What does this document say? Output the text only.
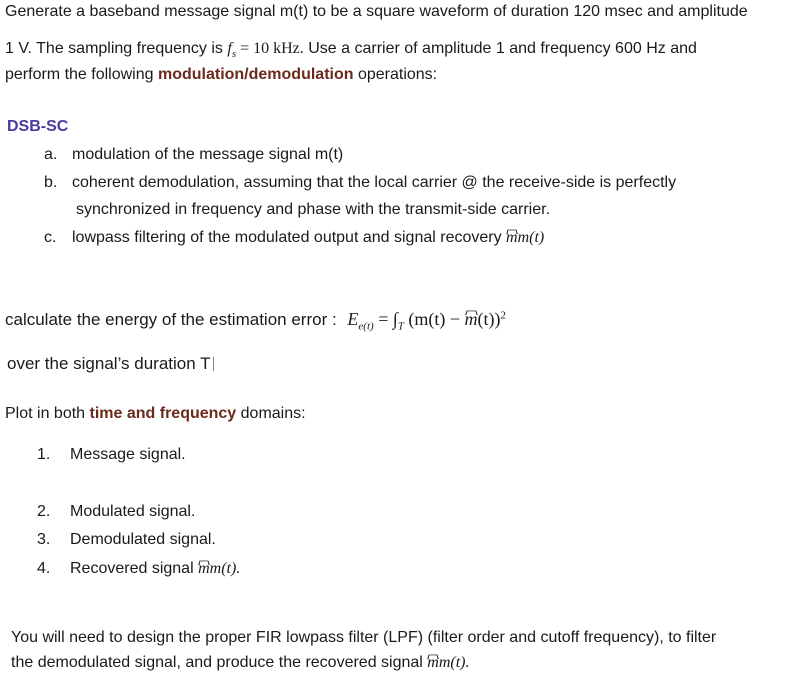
Generate a baseband message signal m(t) to be a square waveform of duration 120 msec and amplitude
1 V. The sampling frequency is $f_s = 10$ kHz. Use a carrier of amplitude 1 and frequency 600 Hz and
perform the following modulation/demodulation operations:
DSB-SC
a. modulation of the message signal m(t)
b. coherent demodulation, assuming that the local carrier @ the receive-side is perfectly
synchronized in frequency and phase with the transmit-side carrier.
c. lowpass filtering of the modulated output and signal recovery mm(t)
calculate the energy of the estimation error : $E_{e(t)} = \int_T$ $(m(t) - m(t))^2$
over the signal’s duration T
Plot in both time and frequency domains:
1. Message signal.
2. Modulated signal.
3. Demodulated signal.
4. Recovered signal mm(t).
You will need to design the proper FIR lowpass filter (LPF) (filter order and cutoff frequency), to filter
the demodulated signal, and produce the recovered signal mm(t).
